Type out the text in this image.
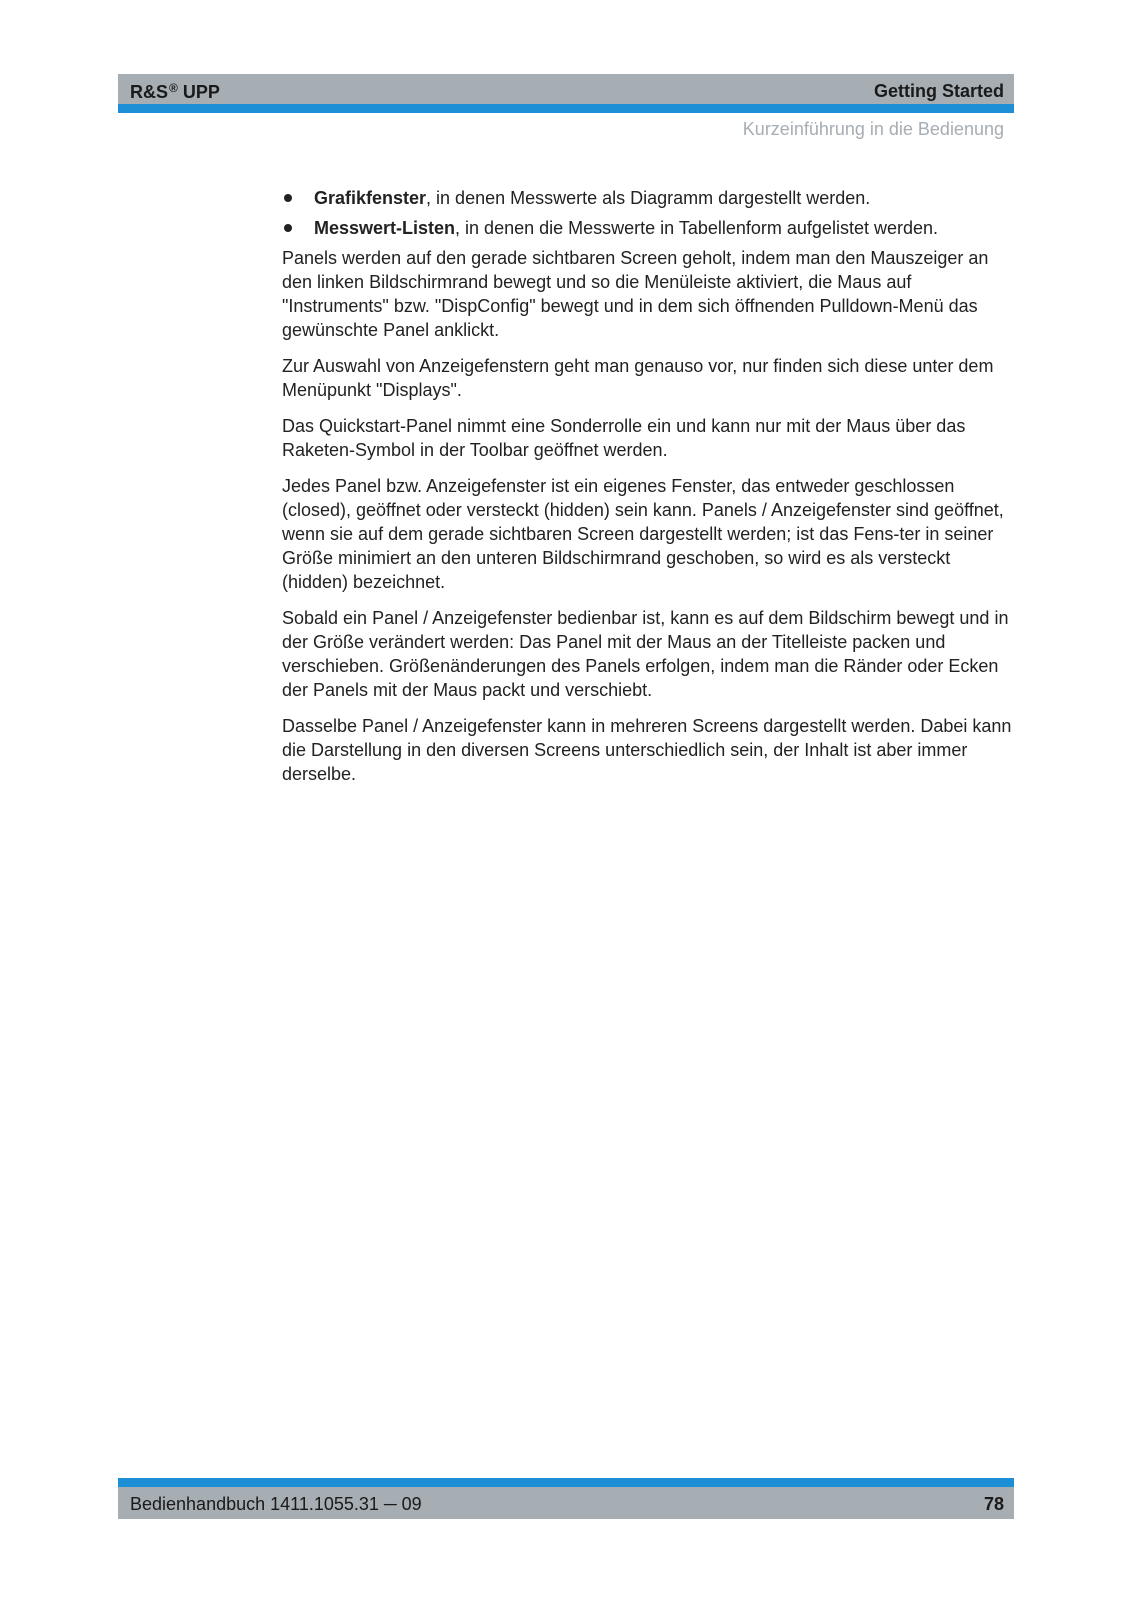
R&S® UPP	Getting Started
Kurzeinführung in die Bedienung
Grafikfenster, in denen Messwerte als Diagramm dargestellt werden.
Messwert-Listen, in denen die Messwerte in Tabellenform aufgelistet werden.

Panels werden auf den gerade sichtbaren Screen geholt, indem man den Mauszeiger an den linken Bildschirmrand bewegt und so die Menüleiste aktiviert, die Maus auf "Instruments" bzw. "DispConfig" bewegt und in dem sich öffnenden Pulldown-Menü das gewünschte Panel anklickt.

Zur Auswahl von Anzeigefenstern geht man genauso vor, nur finden sich diese unter dem Menüpunkt "Displays".

Das Quickstart-Panel nimmt eine Sonderrolle ein und kann nur mit der Maus über das Raketen-Symbol in der Toolbar geöffnet werden.

Jedes Panel bzw. Anzeigefenster ist ein eigenes Fenster, das entweder geschlossen (closed), geöffnet oder versteckt (hidden) sein kann. Panels / Anzeigefenster sind geöffnet, wenn sie auf dem gerade sichtbaren Screen dargestellt werden; ist das Fens-ter in seiner Größe minimiert an den unteren Bildschirmrand geschoben, so wird es als versteckt (hidden) bezeichnet.

Sobald ein Panel / Anzeigefenster bedienbar ist, kann es auf dem Bildschirm bewegt und in der Größe verändert werden: Das Panel mit der Maus an der Titelleiste packen und verschieben. Größenänderungen des Panels erfolgen, indem man die Ränder oder Ecken der Panels mit der Maus packt und verschiebt.

Dasselbe Panel / Anzeigefenster kann in mehreren Screens dargestellt werden. Dabei kann die Darstellung in den diversen Screens unterschiedlich sein, der Inhalt ist aber immer derselbe.

Bedienhandbuch 1411.1055.31 ─ 09	78
